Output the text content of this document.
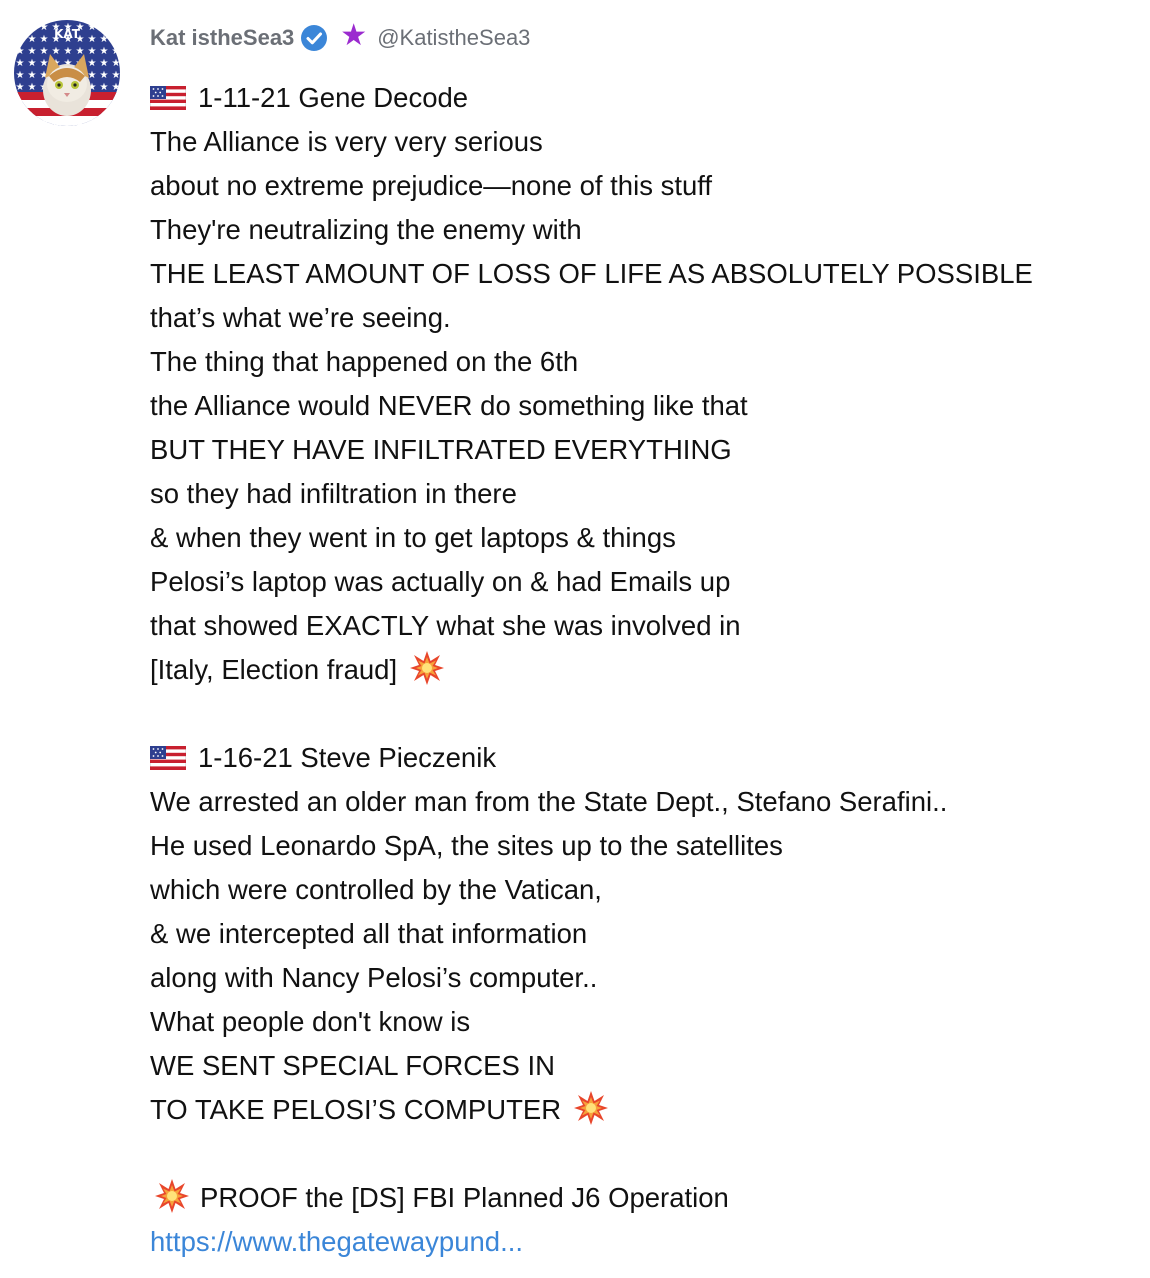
KAT	Kat istheSea3 ★ @KatistheSea3
1-11-21 Gene Decode
The Alliance is very very serious
about no extreme prejudice—none of this stuff
They're neutralizing the enemy with
THE LEAST AMOUNT OF LOSS OF LIFE AS ABSOLUTELY POSSIBLE
that’s what we’re seeing.
The thing that happened on the 6th
the Alliance would NEVER do something like that
BUT THEY HAVE INFILTRATED EVERYTHING
so they had infiltration in there
& when they went in to get laptops & things
Pelosi’s laptop was actually on & had Emails up
that showed EXACTLY what she was involved in
[Italy, Election fraud]
1-16-21 Steve Pieczenik
We arrested an older man from the State Dept., Stefano Serafini..
He used Leonardo SpA, the sites up to the satellites
which were controlled by the Vatican,
& we intercepted all that information
along with Nancy Pelosi’s computer..
What people don't know is
WE SENT SPECIAL FORCES IN
TO TAKE PELOSI’S COMPUTER
PROOF the [DS] FBI Planned J6 Operation
https://www.thegatewaypund...
